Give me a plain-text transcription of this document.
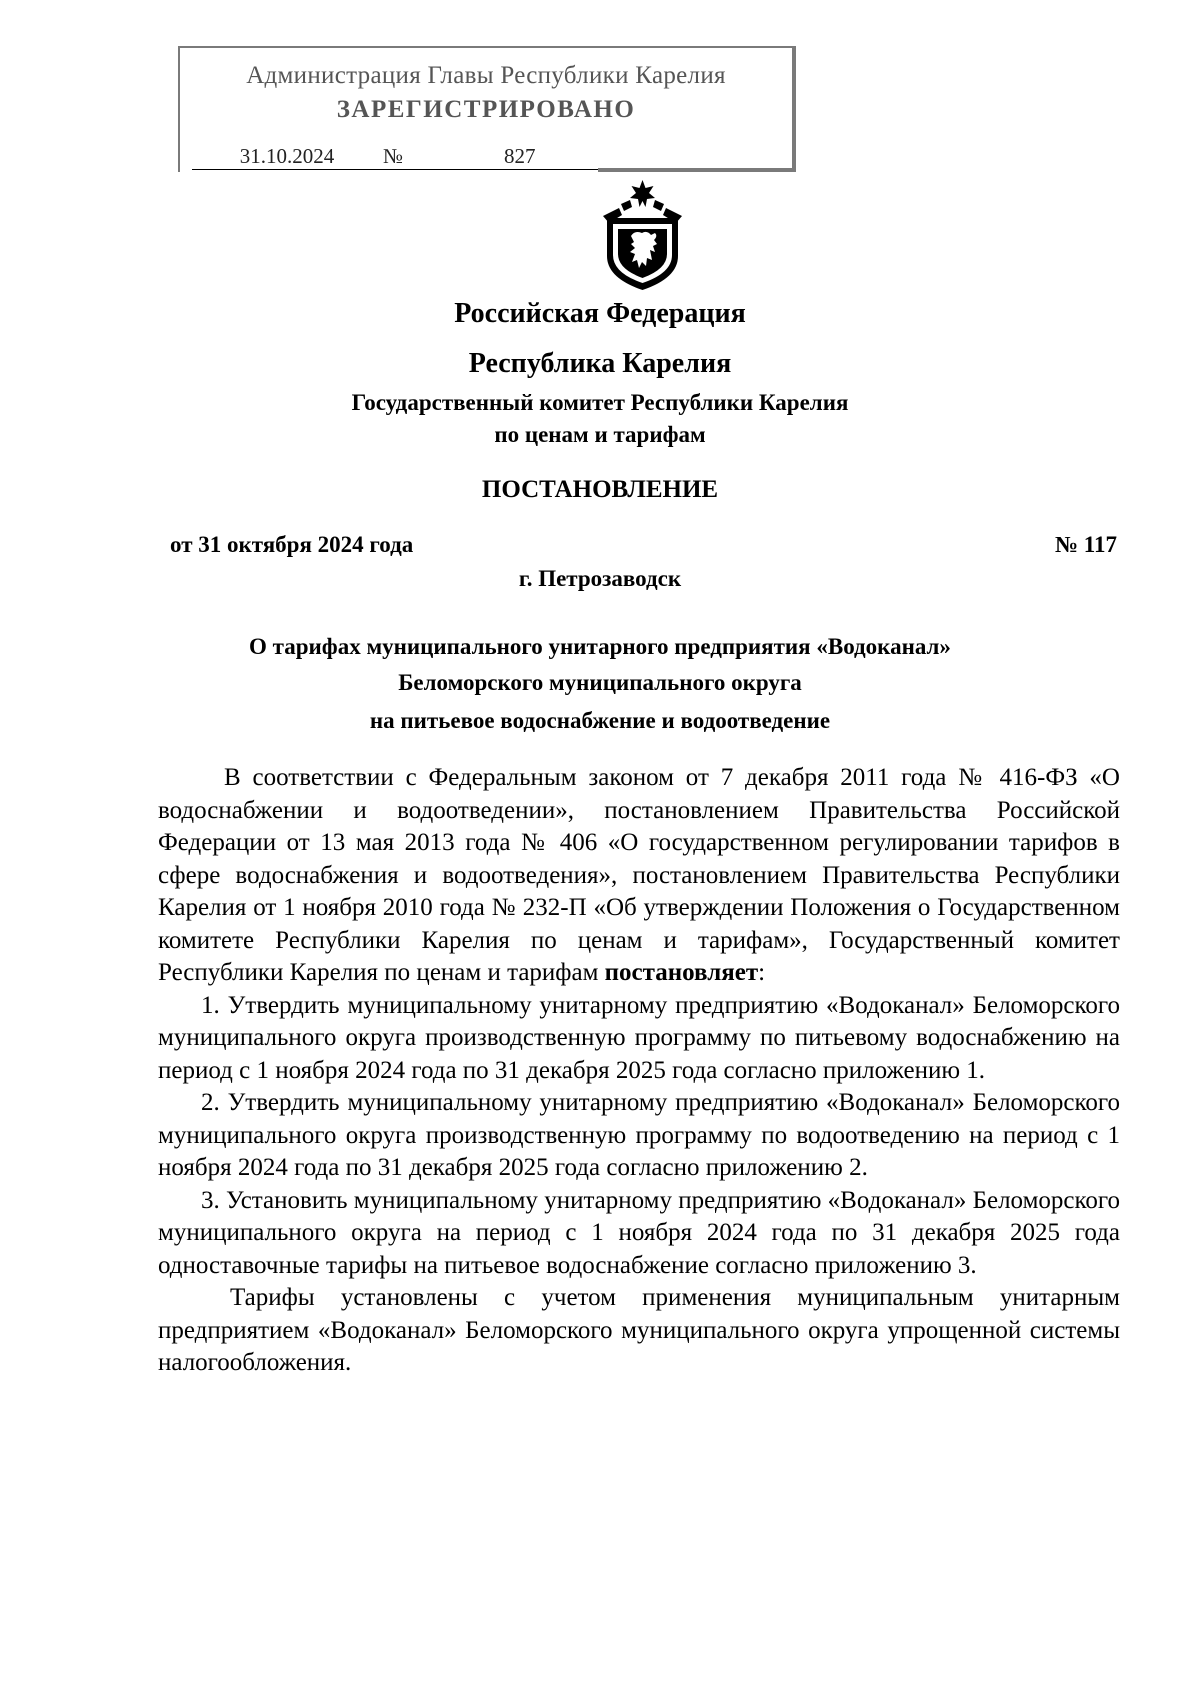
Администрация Главы Республики Карелия
ЗАРЕГИСТРИРОВАНО
31.10.2024	№	827
Российская Федерация
Республика Карелия
Государственный комитет Республики Карелия
по ценам и тарифам
ПОСТАНОВЛЕНИЕ
от 31 октября 2024 года	№ 117
г. Петрозаводск
О тарифах муниципального унитарного предприятия «Водоканал»
Беломорского муниципального округа
на питьевое водоснабжение и водоотведение

В соответствии с Федеральным законом от 7 декабря 2011 года № 416-ФЗ «О водоснабжении и водоотведении», постановлением Правительства Российской Федерации от 13 мая 2013 года № 406 «О государственном регулировании тарифов в сфере водоснабжения и водоотведения», постановлением Правительства Республики Карелия от 1 ноября 2010 года № 232-П «Об утверждении Положения о Государственном комитете Республики Карелия по ценам и тарифам», Государственный комитет Республики Карелия по ценам и тарифам постановляет:

1. Утвердить муниципальному унитарному предприятию «Водоканал» Беломорского муниципального округа производственную программу по питьевому водоснабжению на период с 1 ноября 2024 года по 31 декабря 2025 года согласно приложению 1.

2. Утвердить муниципальному унитарному предприятию «Водоканал» Беломорского муниципального округа производственную программу по водоотведению на период с 1 ноября 2024 года по 31 декабря 2025 года согласно приложению 2.

3. Установить муниципальному унитарному предприятию «Водоканал» Беломорского муниципального округа на период с 1 ноября 2024 года по 31 декабря 2025 года одноставочные тарифы на питьевое водоснабжение согласно приложению 3.

Тарифы установлены с учетом применения муниципальным унитарным предприятием «Водоканал» Беломорского муниципального округа упрощенной системы налогообложения.
